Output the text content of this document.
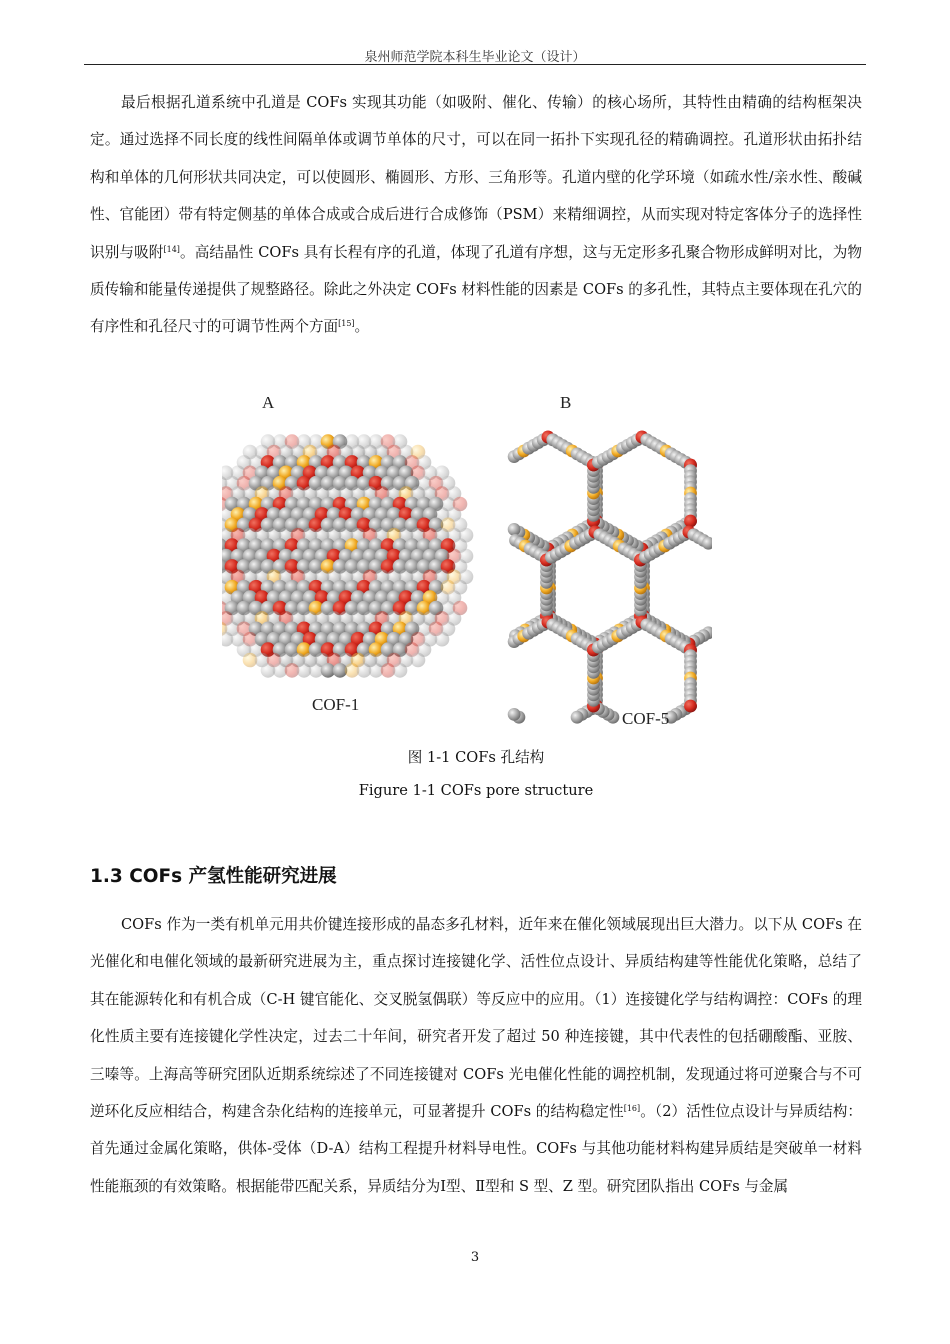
泉州师范学院本科生毕业论文（设计）

最后根据孔道系统中孔道是 COFs 实现其功能（如吸附、催化、传输）的核心场所，其特性由精确的结构框架决定。通过选择不同长度的线性间隔单体或调节单体的尺寸，可以在同一拓扑下实现孔径的精确调控。孔道形状由拓扑结构和单体的几何形状共同决定，可以使圆形、椭圆形、方形、三角形等。孔道内壁的化学环境（如疏水性/亲水性、酸碱性、官能团）带有特定侧基的单体合成或合成后进行合成修饰（PSM）来精细调控，从而实现对特定客体分子的选择性识别与吸附[14]。高结晶性 COFs 具有长程有序的孔道，体现了孔道有序想，这与无定形多孔聚合物形成鲜明对比，为物质传输和能量传递提供了规整路径。除此之外决定 COFs 材料性能的因素是 COFs 的多孔性，其特点主要体现在孔穴的有序性和孔径尺寸的可调节性两个方面[15]。

A	B
COF-1
COF-5
图 1-1 COFs 孔结构
Figure 1-1 COFs pore structure
1.3 COFs 产氢性能研究进展

COFs 作为一类有机单元用共价键连接形成的晶态多孔材料，近年来在催化领域展现出巨大潜力。以下从 COFs 在光催化和电催化领域的最新研究进展为主，重点探讨连接键化学、活性位点设计、异质结构建等性能优化策略，总结了其在能源转化和有机合成（C-H 键官能化、交叉脱氢偶联）等反应中的应用。（1）连接键化学与结构调控：COFs 的理化性质主要有连接键化学性决定，过去二十年间，研究者开发了超过 50 种连接键，其中代表性的包括硼酸酯、亚胺、三嗪等。上海高等研究团队近期系统综述了不同连接键对 COFs 光电催化性能的调控机制，发现通过将可逆聚合与不可逆环化反应相结合，构建含杂化结构的连接单元，可显著提升 COFs 的结构稳定性[16]。（2）活性位点设计与异质结构：首先通过金属化策略，供体-受体（D-A）结构工程提升材料导电性。COFs 与其他功能材料构建异质结是突破单一材料性能瓶颈的有效策略。根据能带匹配关系，异质结分为Ⅰ型、Ⅱ型和 S 型、Z 型。研究团队指出 COFs 与金属

3
